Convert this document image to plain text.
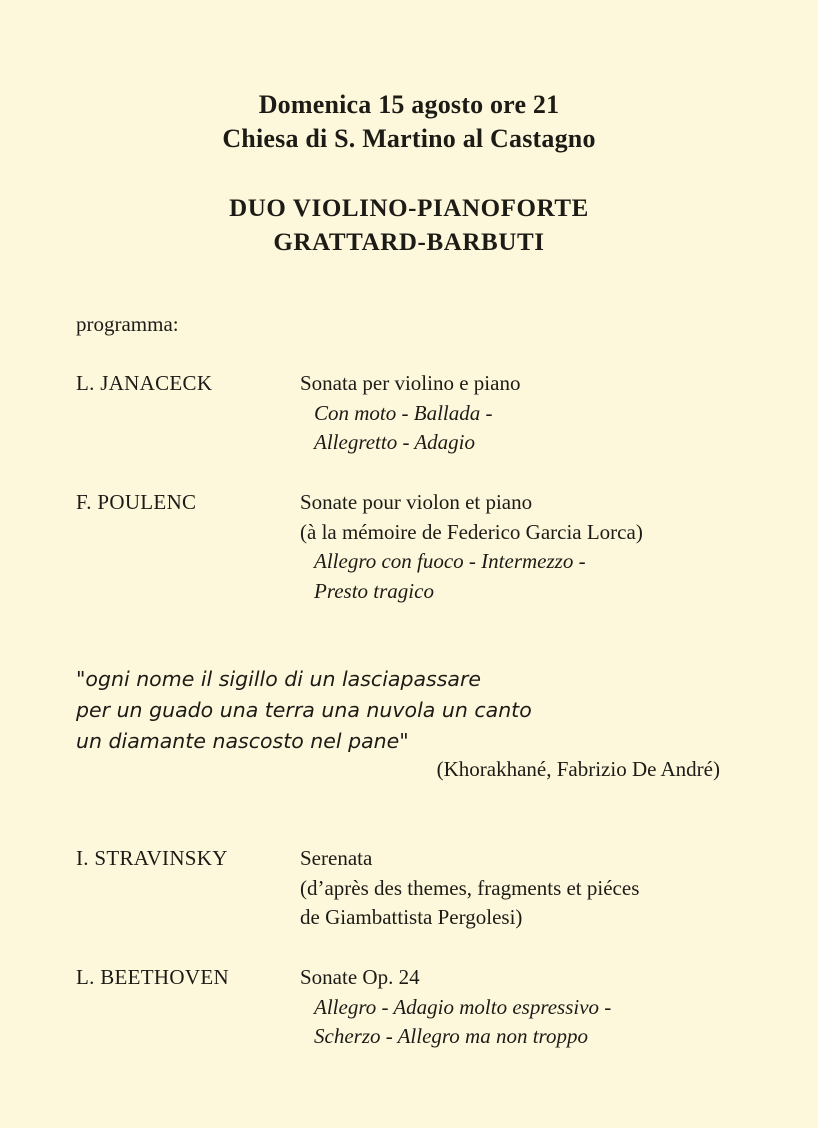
Domenica 15 agosto ore 21
Chiesa di S. Martino al Castagno
DUO VIOLINO-PIANOFORTE
GRATTARD-BARBUTI
programma:
L. JANACECK	Sonata per violino e piano
Con moto - Ballada -
Allegretto - Adagio
F. POULENC	Sonate pour violon et piano
(à la mémoire de Federico Garcia Lorca)
Allegro con fuoco - Intermezzo -
Presto tragico
"ogni nome il sigillo di un lasciapassare
per un guado una terra una nuvola un canto
un diamante nascosto nel pane"
(Khorakhané, Fabrizio De André)
I. STRAVINSKY	Serenata
(d’après des themes, fragments et piéces
de Giambattista Pergolesi)
L. BEETHOVEN	Sonate Op. 24
Allegro - Adagio molto espressivo -
Scherzo - Allegro ma non troppo
